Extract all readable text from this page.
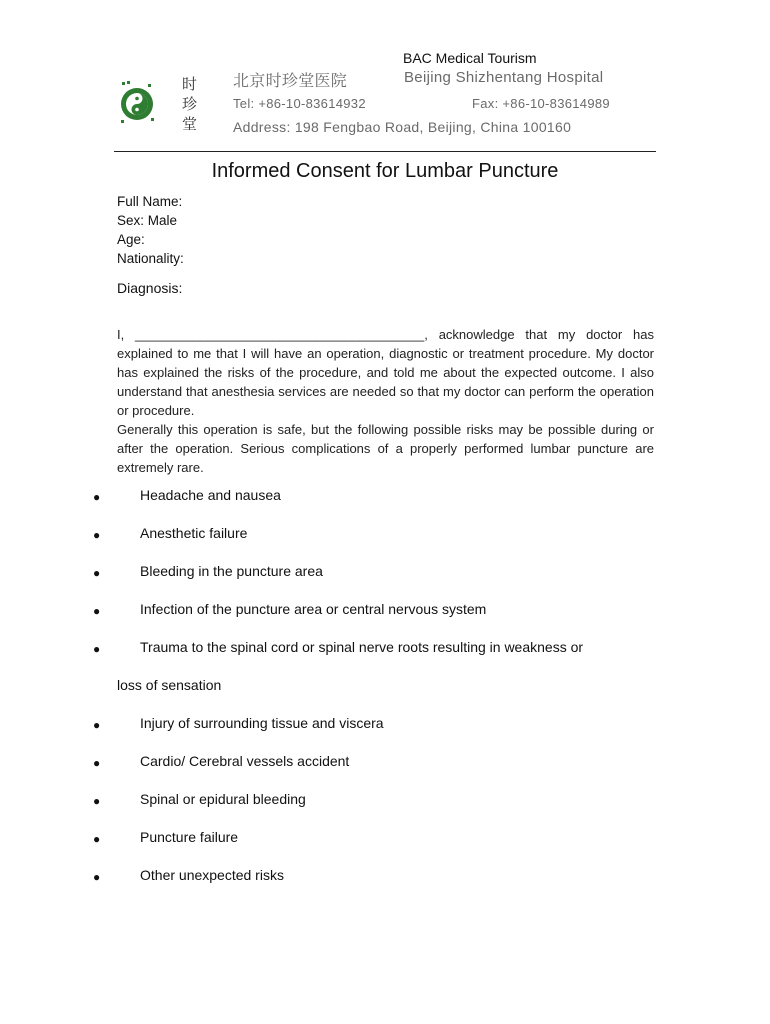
BAC Medical Tourism
时
珍
堂
北京时珍堂医院	Beijing Shizhentang Hospital
Tel: +86-10-83614932	Fax: +86-10-83614989
Address: 198 Fengbao Road, Beijing, China 100160
Informed Consent for Lumbar Puncture
Full Name:
Sex: Male
Age:
Nationality:
Diagnosis:
I, ________________________________________, acknowledge that my doctor has explained to me that I will have an operation, diagnostic or treatment procedure. My doctor has explained the risks of the procedure, and told me about the expected outcome. I also understand that anesthesia services are needed so that my doctor can perform the operation or procedure.
Generally this operation is safe, but the following possible risks may be possible during or after the operation. Serious complications of a properly performed lumbar puncture are extremely rare.
●	Headache and nausea
●	Anesthetic failure
●	Bleeding in the puncture area
●	Infection of the puncture area or central nervous system
●	Trauma to the spinal cord or spinal nerve roots resulting in weakness or
loss of sensation
●	Injury of surrounding tissue and viscera
●	Cardio/ Cerebral vessels accident
●	Spinal or epidural bleeding
●	Puncture failure
●	Other unexpected risks
